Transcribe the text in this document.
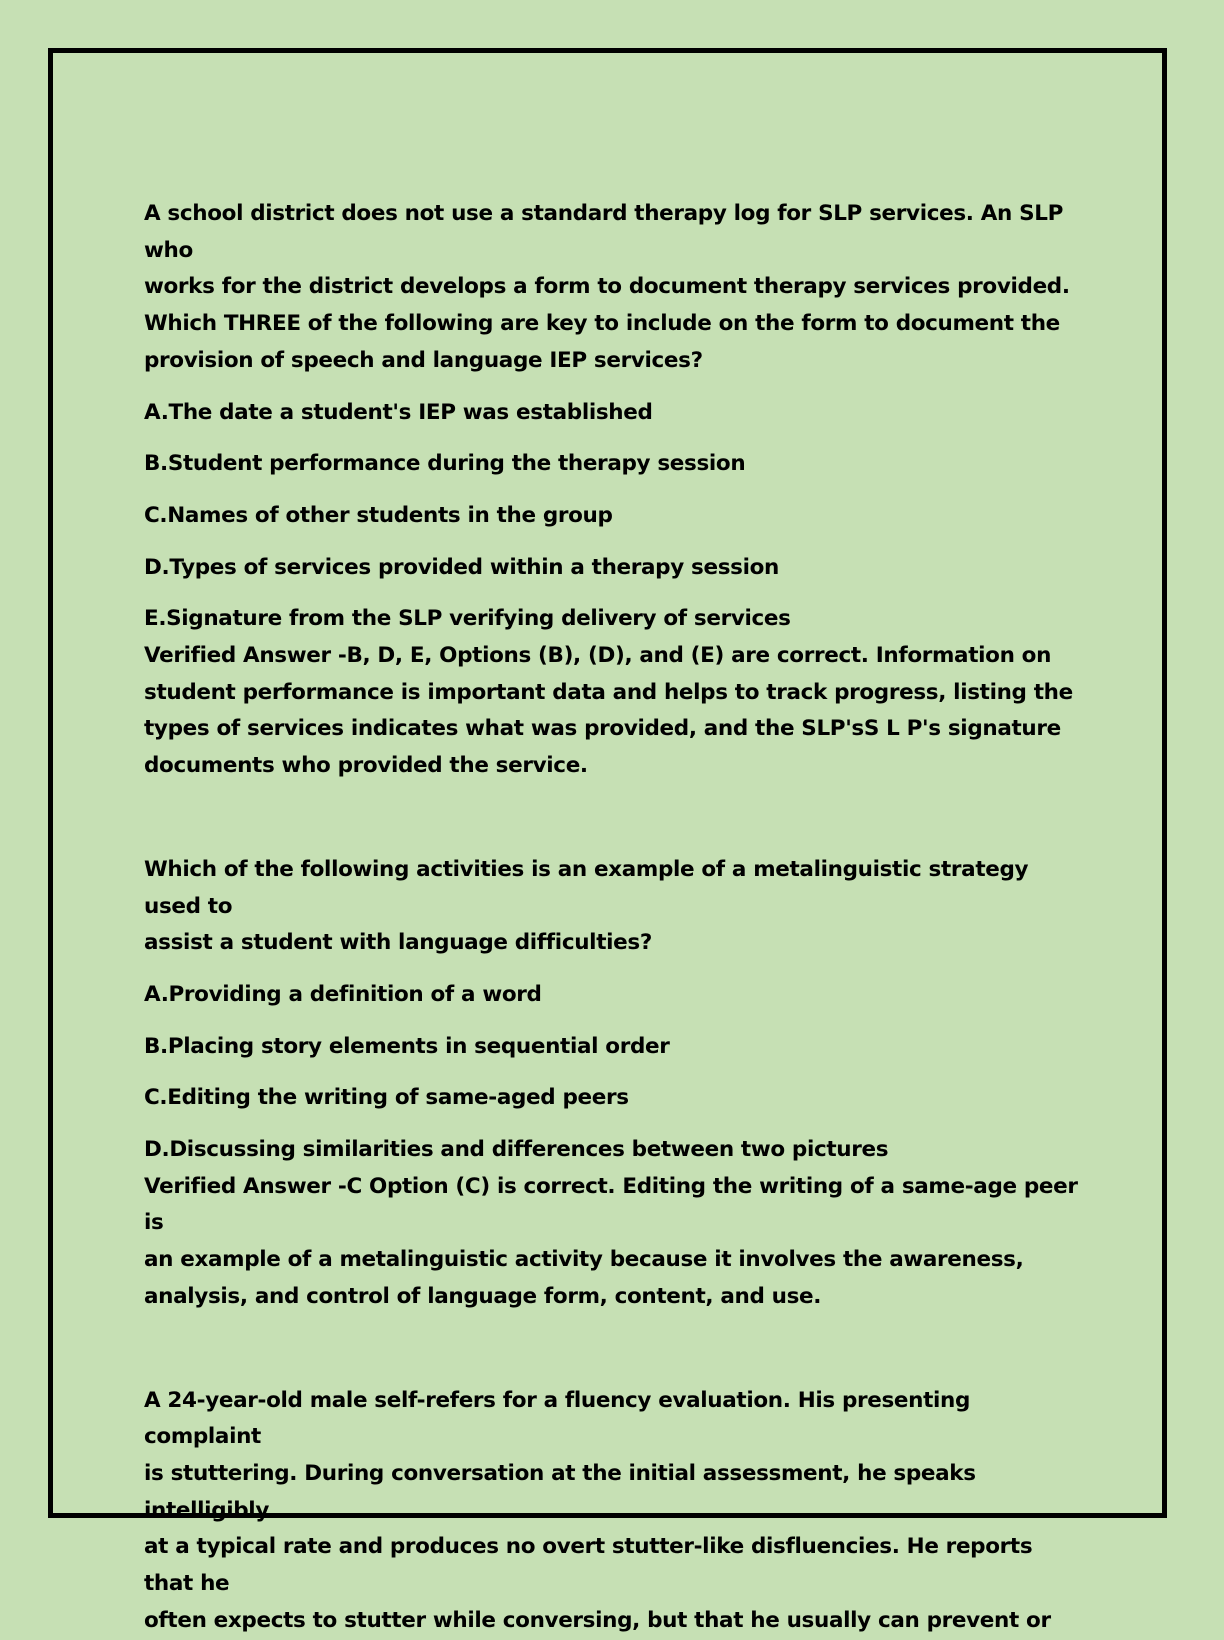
A school district does not use a standard therapy log for SLP services. An SLP who
works for the district develops a form to document therapy services provided.
Which THREE of the following are key to include on the form to document the
provision of speech and language IEP services?
A.The date a student's IEP was established
B.Student performance during the therapy session
C.Names of other students in the group
D.Types of services provided within a therapy session
E.Signature from the SLP verifying delivery of services
Verified Answer -B, D, E, Options (B), (D), and (E) are correct. Information on
student performance is important data and helps to track progress, listing the
types of services indicates what was provided, and the SLP'sS L P's signature
documents who provided the service.
Which of the following activities is an example of a metalinguistic strategy used to
assist a student with language difficulties?
A.Providing a definition of a word
B.Placing story elements in sequential order
C.Editing the writing of same-aged peers
D.Discussing similarities and differences between two pictures
Verified Answer -C Option (C) is correct. Editing the writing of a same-age peer is
an example of a metalinguistic activity because it involves the awareness,
analysis, and control of language form, content, and use.
A 24-year-old male self-refers for a fluency evaluation. His presenting complaint
is stuttering. During conversation at the initial assessment, he speaks intelligibly
at a typical rate and produces no overt stutter-like disfluencies. He reports that he
often expects to stutter while conversing, but that he usually can prevent or
